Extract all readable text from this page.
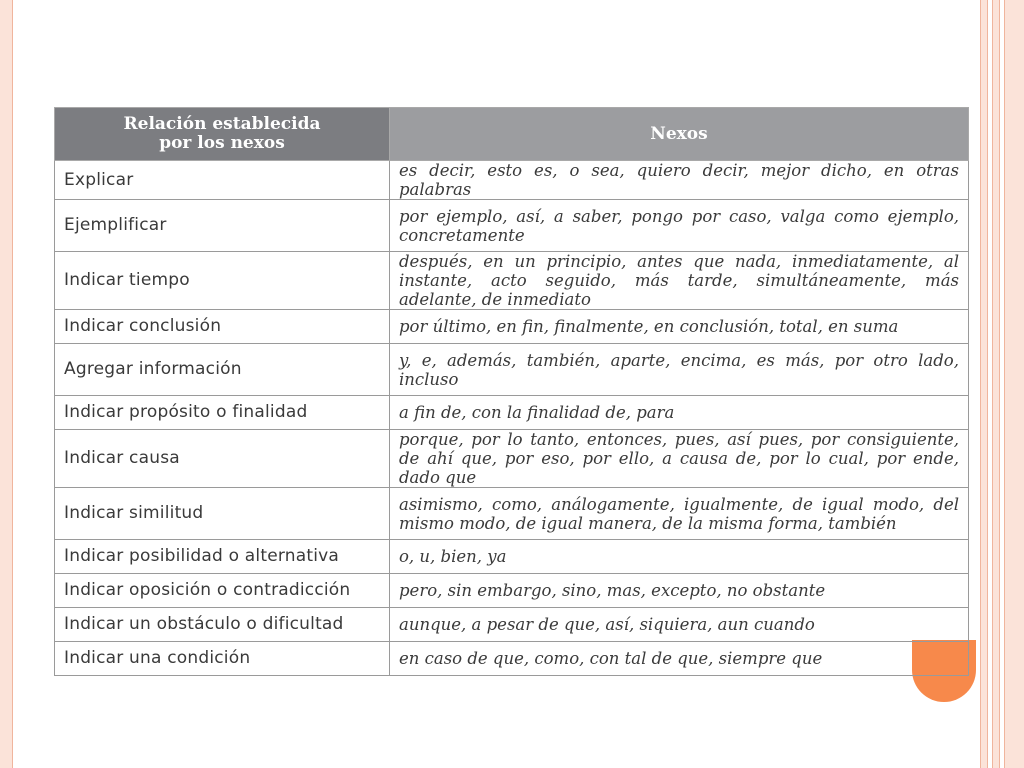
Relación establecida
por los nexos	Nexos
Explicar	es decir, esto es, o sea, quiero decir, mejor dicho, en otras palabras
Ejemplificar	por ejemplo, así, a saber, pongo por caso, valga como ejemplo, concretamente
Indicar tiempo	después, en un principio, antes que nada, inmediatamente, al instante, acto seguido, más tarde, simultáneamente, más adelante, de inmediato
Indicar conclusión	por último, en fin, finalmente, en conclusión, total, en suma
Agregar información	y, e, además, también, aparte, encima, es más, por otro lado, incluso
Indicar propósito o finalidad	a fin de, con la finalidad de, para
Indicar causa	porque, por lo tanto, entonces, pues, así pues, por consiguiente, de ahí que, por eso, por ello, a causa de, por lo cual, por ende, dado que
Indicar similitud	asimismo, como, análogamente, igualmente, de igual modo, del mismo modo, de igual manera, de la misma forma, también
Indicar posibilidad o alternativa	o, u, bien, ya
Indicar oposición o contradicción	pero, sin embargo, sino, mas, excepto, no obstante
Indicar un obstáculo o dificultad	aunque, a pesar de que, así, siquiera, aun cuando
Indicar una condición	en caso de que, como, con tal de que, siempre que
